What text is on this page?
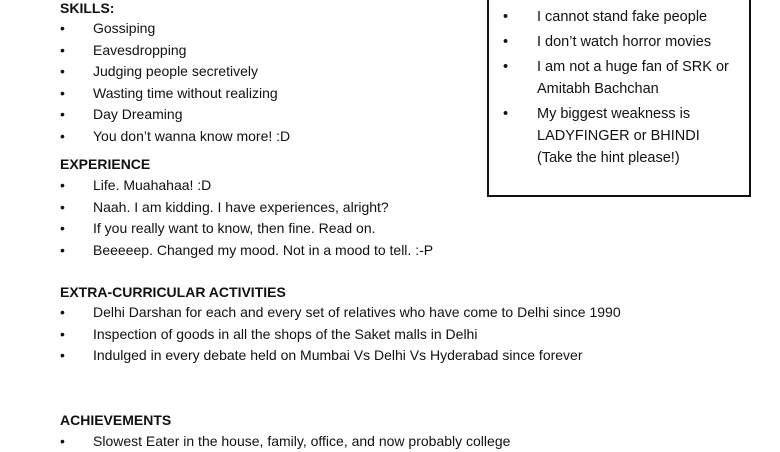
SKILLS:
• Gossiping
• Eavesdropping
• Judging people secretively
• Wasting time without realizing
• Day Dreaming
• You don’t wanna know more! :D
EXPERIENCE
• Life. Muahahaa! :D
• Naah. I am kidding. I have experiences, alright?
• If you really want to know, then fine. Read on.
• Beeeeep. Changed my mood. Not in a mood to tell. :-P
EXTRA-CURRICULAR ACTIVITIES
• Delhi Darshan for each and every set of relatives who have come to Delhi since 1990
• Inspection of goods in all the shops of the Saket malls in Delhi
• Indulged in every debate held on Mumbai Vs Delhi Vs Hyderabad since forever
ACHIEVEMENTS
• Slowest Eater in the house, family, office, and now probably college
• I cannot stand fake people
• I don’t watch horror movies
• I am not a huge fan of SRK or Amitabh Bachchan
• My biggest weakness is LADYFINGER or BHINDI (Take the hint please!)
